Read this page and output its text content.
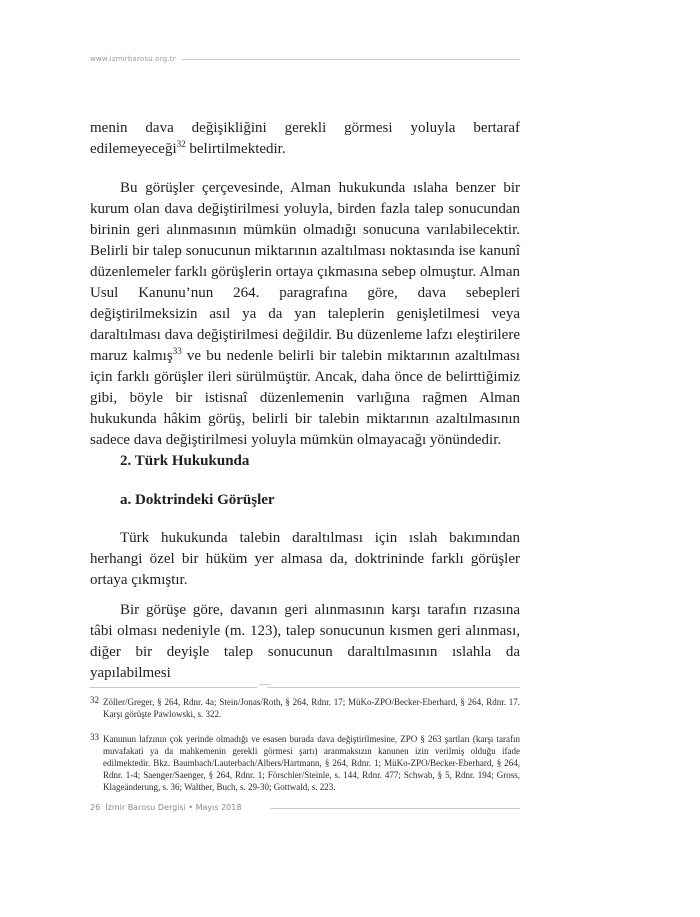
www.izmirbarosu.org.tr

menin dava değişikliğini gerekli görmesi yoluyla bertaraf edilemeyeceği$^{32}$ belirtilmektedir.

Bu görüşler çerçevesinde, Alman hukukunda ıslaha benzer bir kurum olan dava değiştirilmesi yoluyla, birden fazla talep sonucundan birinin geri alınmasının mümkün olmadığı sonucuna varılabilecektir. Belirli bir talep sonucunun miktarının azaltılması noktasında ise kanunî düzenlemeler farklı görüşlerin ortaya çıkmasına sebep olmuştur. Alman Usul Kanunu’nun 264. paragrafına göre, dava sebepleri değiştirilmeksizin asıl ya da yan taleplerin genişletilmesi veya daraltılması dava değiştirilmesi değildir. Bu düzenleme lafzı eleştirilere maruz kalmış$^{33}$ ve bu nedenle belirli bir talebin miktarının azaltılması için farklı görüşler ileri sürülmüştür. Ancak, daha önce de belirttiğimiz gibi, böyle bir istisnaî düzenlemenin varlığına rağmen Alman hukukunda hâkim görüş, belirli bir talebin miktarının azaltılmasının sadece dava değiştirilmesi yoluyla mümkün olmayacağı yönündedir.

2. Türk Hukukunda
a. Doktrindeki Görüşler

Türk hukukunda talebin daraltılması için ıslah bakımından herhangi özel bir hüküm yer almasa da, doktrininde farklı görüşler ortaya çıkmıştır.

Bir görüşe göre, davanın geri alınmasının karşı tarafın rızasına tâbi olması nedeniyle (m. 123), talep sonucunun kısmen geri alınması, diğer bir deyişle talep sonucunun daraltılmasının ıslahla da yapılabilmesi

32 Zöller/Greger, § 264, Rdnr. 4a; Stein/Jonas/Roth, § 264, Rdnr. 17; MüKo-ZPO/Becker-Eberhard, § 264, Rdnr. 17. Karşı görüşte Pawlowski, s. 322.
33 Kanunun lafzının çok yerinde olmadığı ve esasen burada dava değiştirilmesine, ZPO § 263 şartları (karşı tarafın muvafakati ya da mahkemenin gerekli görmesi şartı) aranmaksızın kanunen izin verilmiş olduğu ifade edilmektedir. Bkz. Baumbach/Lauterbach/Albers/Hartmann, § 264, Rdnr. 1; MüKo-ZPO/Becker-Eberhard, § 264, Rdnr. 1-4; Saenger/Saenger, § 264, Rdnr. 1; Förschler/Steinle, s. 144, Rdnr. 477; Schwab, § 5, Rdnr. 194; Gross, Klageänderung, s. 36; Walther, Buch, s. 29-30; Gottwald, s. 223.
26 İzmir Barosu Dergisi • Mayıs 2018
